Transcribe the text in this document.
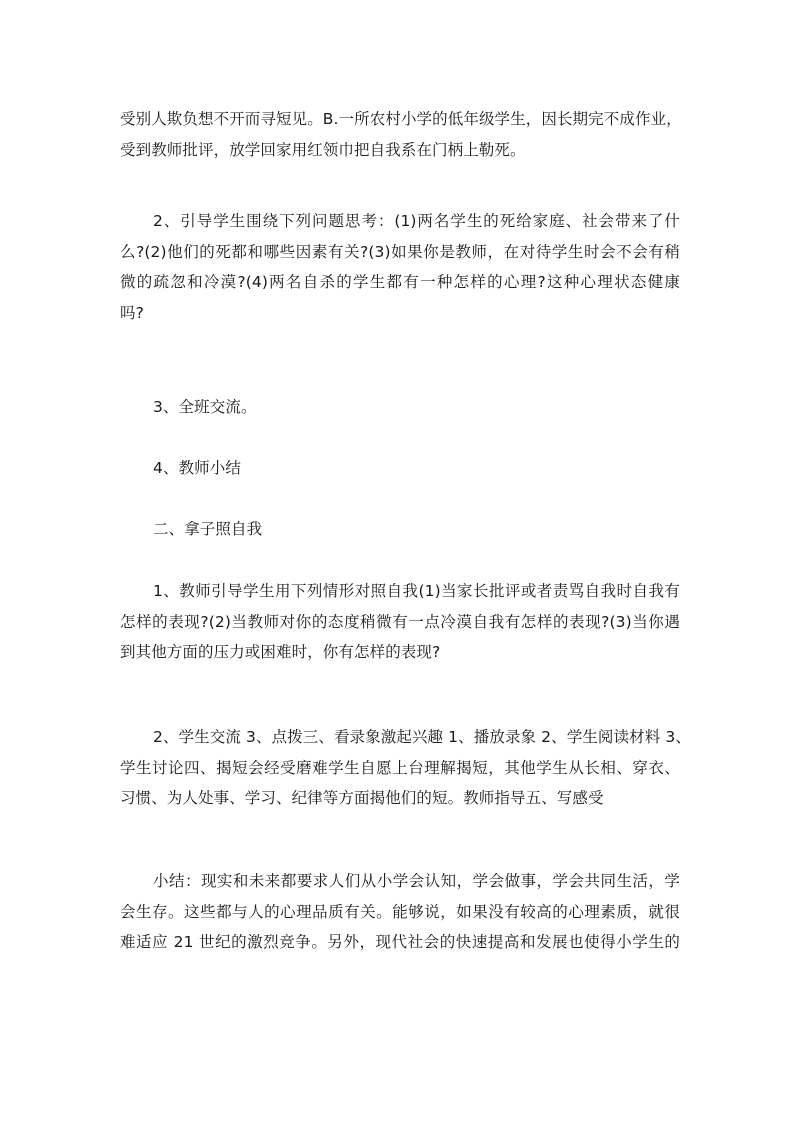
受别人欺负想不开而寻短见。B.一所农村小学的低年级学生，因长期完不成作业，
受到教师批评，放学回家用红领巾把自我系在门柄上勒死。
2、引导学生围绕下列问题思考：(1)两名学生的死给家庭、社会带来了什
么?(2)他们的死都和哪些因素有关?(3)如果你是教师，在对待学生时会不会有稍
微的疏忽和冷漠?(4)两名自杀的学生都有一种怎样的心理?这种心理状态健康
吗?
3、全班交流。
4、教师小结
二、拿子照自我
1、教师引导学生用下列情形对照自我(1)当家长批评或者责骂自我时自我有
怎样的表现?(2)当教师对你的态度稍微有一点冷漠自我有怎样的表现?(3)当你遇
到其他方面的压力或困难时，你有怎样的表现?
2、学生交流 3、点拨三、看录象激起兴趣 1、播放录象 2、学生阅读材料 3、
学生讨论四、揭短会经受磨难学生自愿上台理解揭短，其他学生从长相、穿衣、
习惯、为人处事、学习、纪律等方面揭他们的短。教师指导五、写感受
小结：现实和未来都要求人们从小学会认知，学会做事，学会共同生活，学
会生存。这些都与人的心理品质有关。能够说，如果没有较高的心理素质，就很
难适应 21 世纪的激烈竞争。另外，现代社会的快速提高和发展也使得小学生的
